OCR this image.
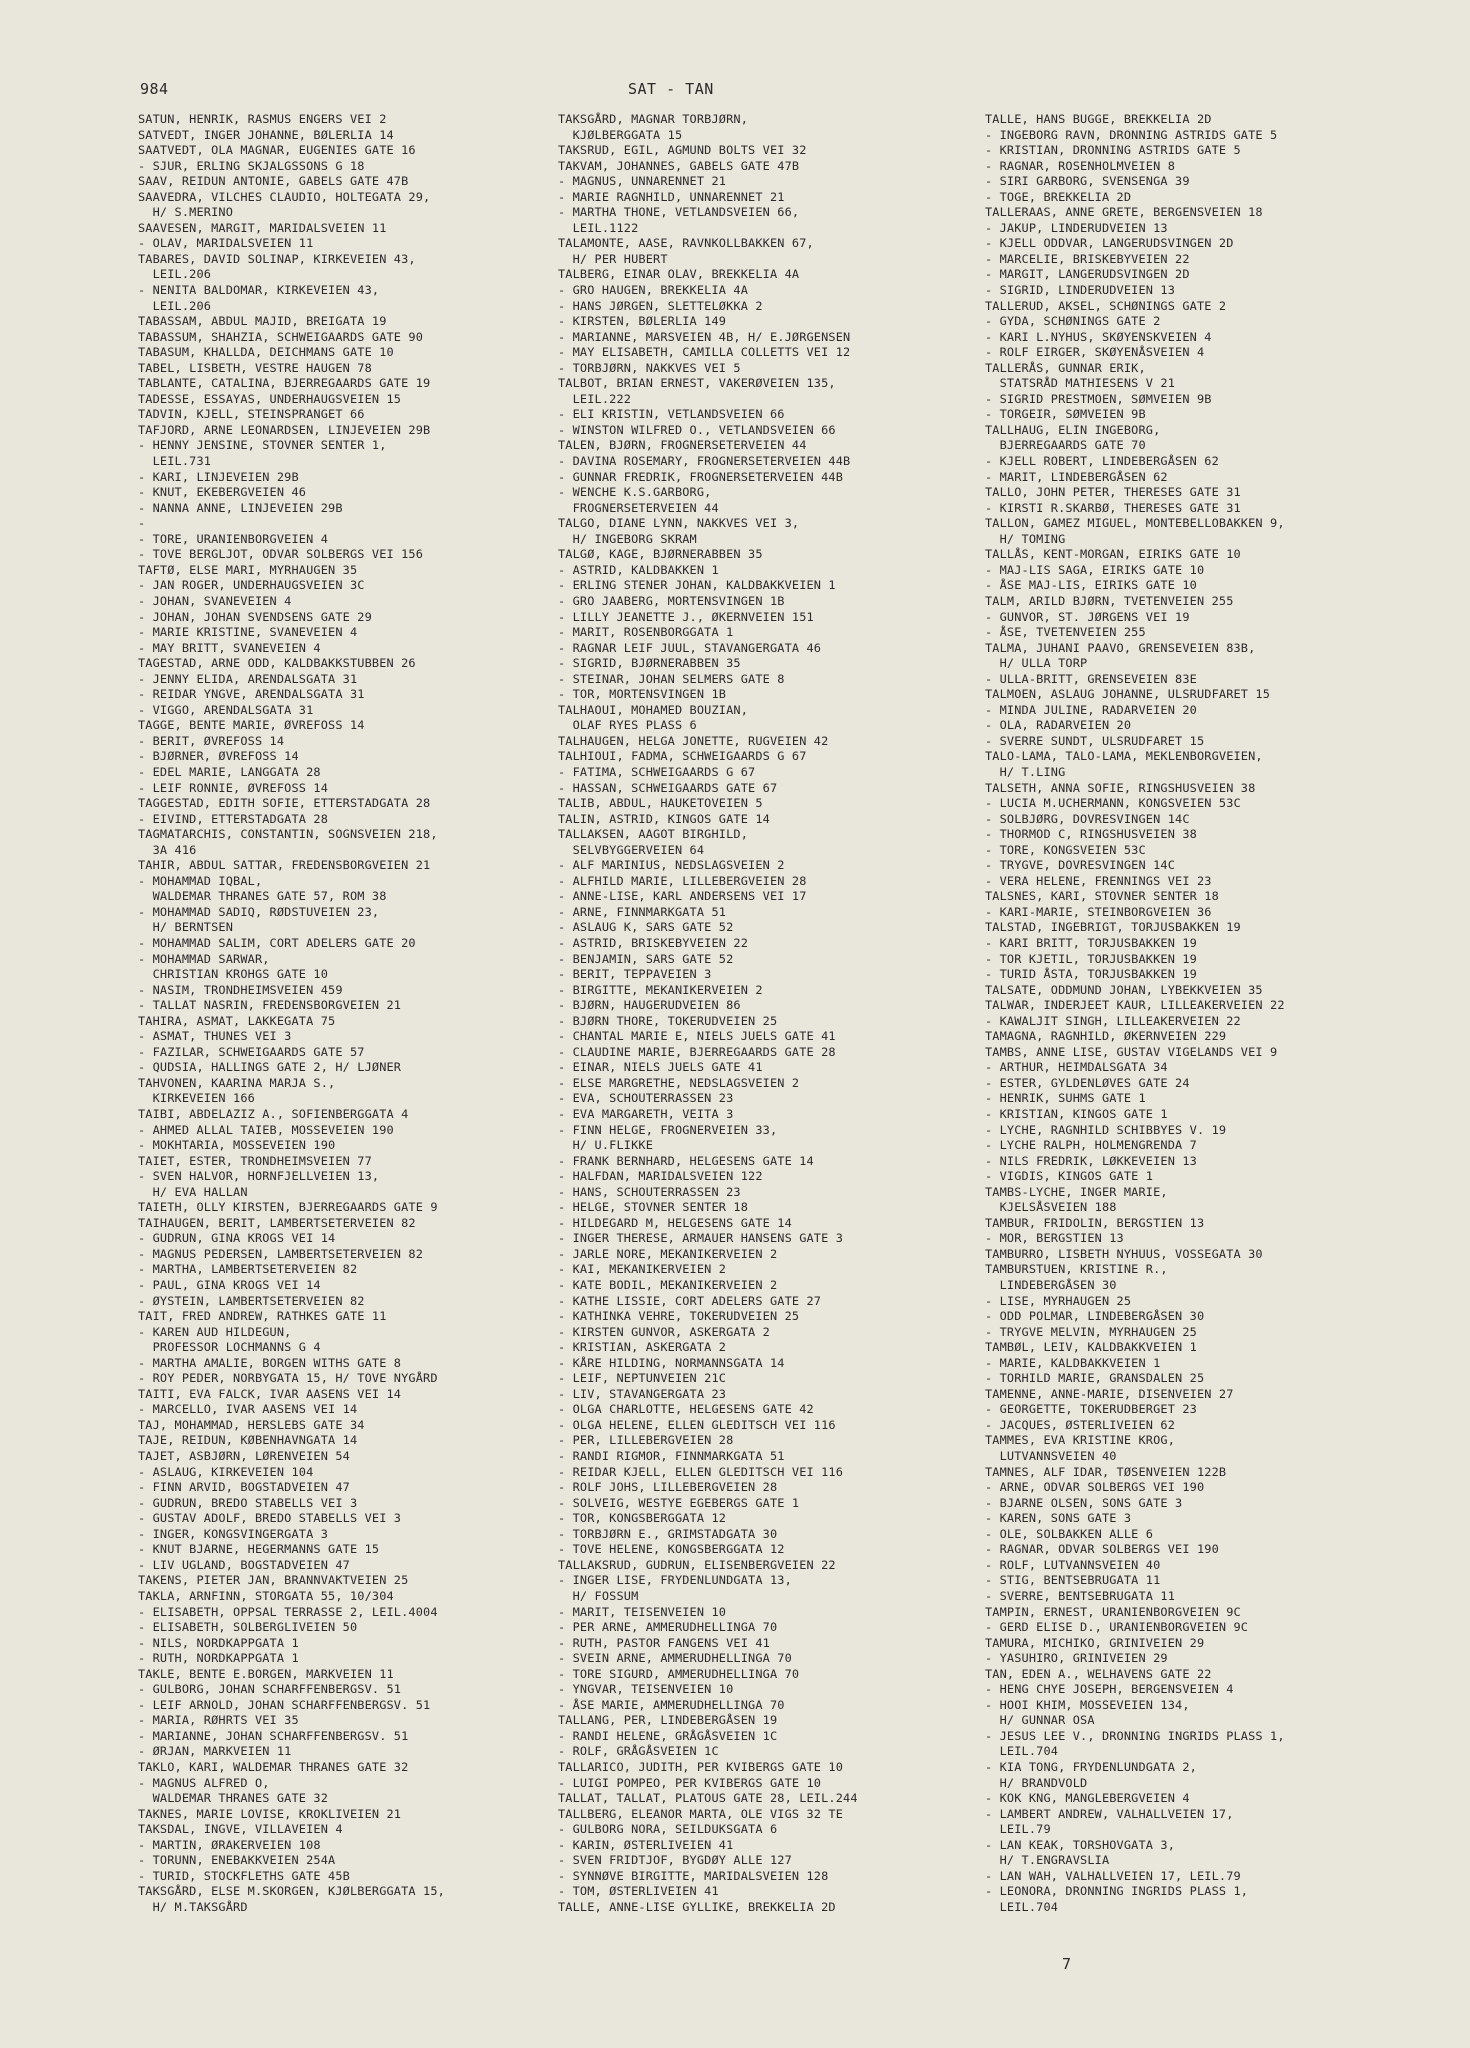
984	SAT - TAN
SATUN, HENRIK, RASMUS ENGERS VEI 2
SATVEDT, INGER JOHANNE, BØLERLIA 14
SAATVEDT, OLA MAGNAR, EUGENIES GATE 16
- SJUR, ERLING SKJALGSSONS G 18
SAAV, REIDUN ANTONIE, GABELS GATE 47B
SAAVEDRA, VILCHES CLAUDIO, HOLTEGATA 29,
H/ S.MERINO
SAAVESEN, MARGIT, MARIDALSVEIEN 11
- OLAV, MARIDALSVEIEN 11
TABARES, DAVID SOLINAP, KIRKEVEIEN 43,
LEIL.206
- NENITA BALDOMAR, KIRKEVEIEN 43,
LEIL.206
TABASSAM, ABDUL MAJID, BREIGATA 19
TABASSUM, SHAHZIA, SCHWEIGAARDS GATE 90
TABASUM, KHALLDA, DEICHMANS GATE 10
TABEL, LISBETH, VESTRE HAUGEN 78
TABLANTE, CATALINA, BJERREGAARDS GATE 19
TADESSE, ESSAYAS, UNDERHAUGSVEIEN 15
TADVIN, KJELL, STEINSPRANGET 66
TAFJORD, ARNE LEONARDSEN, LINJEVEIEN 29B
- HENNY JENSINE, STOVNER SENTER 1,
LEIL.731
- KARI, LINJEVEIEN 29B
- KNUT, EKEBERGVEIEN 46
- NANNA ANNE, LINJEVEIEN 29B
-
- TORE, URANIENBORGVEIEN 4
- TOVE BERGLJOT, ODVAR SOLBERGS VEI 156
TAFTØ, ELSE MARI, MYRHAUGEN 35
- JAN ROGER, UNDERHAUGSVEIEN 3C
- JOHAN, SVANEVEIEN 4
- JOHAN, JOHAN SVENDSENS GATE 29
- MARIE KRISTINE, SVANEVEIEN 4
- MAY BRITT, SVANEVEIEN 4
TAGESTAD, ARNE ODD, KALDBAKKSTUBBEN 26
- JENNY ELIDA, ARENDALSGATA 31
- REIDAR YNGVE, ARENDALSGATA 31
- VIGGO, ARENDALSGATA 31
TAGGE, BENTE MARIE, ØVREFOSS 14
- BERIT, ØVREFOSS 14
- BJØRNER, ØVREFOSS 14
- EDEL MARIE, LANGGATA 28
- LEIF RONNIE, ØVREFOSS 14
TAGGESTAD, EDITH SOFIE, ETTERSTADGATA 28
- EIVIND, ETTERSTADGATA 28
TAGMATARCHIS, CONSTANTIN, SOGNSVEIEN 218,
3A 416
TAHIR, ABDUL SATTAR, FREDENSBORGVEIEN 21
- MOHAMMAD IQBAL,
WALDEMAR THRANES GATE 57, ROM 38
- MOHAMMAD SADIQ, RØDSTUVEIEN 23,
H/ BERNTSEN
- MOHAMMAD SALIM, CORT ADELERS GATE 20
- MOHAMMAD SARWAR,
CHRISTIAN KROHGS GATE 10
- NASIM, TRONDHEIMSVEIEN 459
- TALLAT NASRIN, FREDENSBORGVEIEN 21
TAHIRA, ASMAT, LAKKEGATA 75
- ASMAT, THUNES VEI 3
- FAZILAR, SCHWEIGAARDS GATE 57
- QUDSIA, HALLINGS GATE 2, H/ LJØNER
TAHVONEN, KAARINA MARJA S.,
KIRKEVEIEN 166
TAIBI, ABDELAZIZ A., SOFIENBERGGATA 4
- AHMED ALLAL TAIEB, MOSSEVEIEN 190
- MOKHTARIA, MOSSEVEIEN 190
TAIET, ESTER, TRONDHEIMSVEIEN 77
- SVEN HALVOR, HORNFJELLVEIEN 13,
H/ EVA HALLAN
TAIETH, OLLY KIRSTEN, BJERREGAARDS GATE 9
TAIHAUGEN, BERIT, LAMBERTSETERVEIEN 82
- GUDRUN, GINA KROGS VEI 14
- MAGNUS PEDERSEN, LAMBERTSETERVEIEN 82
- MARTHA, LAMBERTSETERVEIEN 82
- PAUL, GINA KROGS VEI 14
- ØYSTEIN, LAMBERTSETERVEIEN 82
TAIT, FRED ANDREW, RATHKES GATE 11
- KAREN AUD HILDEGUN,
PROFESSOR LOCHMANNS G 4
- MARTHA AMALIE, BORGEN WITHS GATE 8
- ROY PEDER, NORBYGATA 15, H/ TOVE NYGÅRD
TAITI, EVA FALCK, IVAR AASENS VEI 14
- MARCELLO, IVAR AASENS VEI 14
TAJ, MOHAMMAD, HERSLEBS GATE 34
TAJE, REIDUN, KØBENHAVNGATA 14
TAJET, ASBJØRN, LØRENVEIEN 54
- ASLAUG, KIRKEVEIEN 104
- FINN ARVID, BOGSTADVEIEN 47
- GUDRUN, BREDO STABELLS VEI 3
- GUSTAV ADOLF, BREDO STABELLS VEI 3
- INGER, KONGSVINGERGATA 3
- KNUT BJARNE, HEGERMANNS GATE 15
- LIV UGLAND, BOGSTADVEIEN 47
TAKENS, PIETER JAN, BRANNVAKTVEIEN 25
TAKLA, ARNFINN, STORGATA 55, 10/304
- ELISABETH, OPPSAL TERRASSE 2, LEIL.4004
- ELISABETH, SOLBERGLIVEIEN 50
- NILS, NORDKAPPGATA 1
- RUTH, NORDKAPPGATA 1
TAKLE, BENTE E.BORGEN, MARKVEIEN 11
- GULBORG, JOHAN SCHARFFENBERGSV. 51
- LEIF ARNOLD, JOHAN SCHARFFENBERGSV. 51
- MARIA, RØHRTS VEI 35
- MARIANNE, JOHAN SCHARFFENBERGSV. 51
- ØRJAN, MARKVEIEN 11
TAKLO, KARI, WALDEMAR THRANES GATE 32
- MAGNUS ALFRED O,
WALDEMAR THRANES GATE 32
TAKNES, MARIE LOVISE, KROKLIVEIEN 21
TAKSDAL, INGVE, VILLAVEIEN 4
- MARTIN, ØRAKERVEIEN 108
- TORUNN, ENEBAKKVEIEN 254A
- TURID, STOCKFLETHS GATE 45B
TAKSGÅRD, ELSE M.SKORGEN, KJØLBERGGATA 15,
H/ M.TAKSGÅRD
TAKSGÅRD, MAGNAR TORBJØRN,
KJØLBERGGATA 15
TAKSRUD, EGIL, AGMUND BOLTS VEI 32
TAKVAM, JOHANNES, GABELS GATE 47B
- MAGNUS, UNNARENNET 21
- MARIE RAGNHILD, UNNARENNET 21
- MARTHA THONE, VETLANDSVEIEN 66,
LEIL.1122
TALAMONTE, AASE, RAVNKOLLBAKKEN 67,
H/ PER HUBERT
TALBERG, EINAR OLAV, BREKKELIA 4A
- GRO HAUGEN, BREKKELIA 4A
- HANS JØRGEN, SLETTELØKKA 2
- KIRSTEN, BØLERLIA 149
- MARIANNE, MARSVEIEN 4B, H/ E.JØRGENSEN
- MAY ELISABETH, CAMILLA COLLETTS VEI 12
- TORBJØRN, NAKKVES VEI 5
TALBOT, BRIAN ERNEST, VAKERØVEIEN 135,
LEIL.222
- ELI KRISTIN, VETLANDSVEIEN 66
- WINSTON WILFRED O., VETLANDSVEIEN 66
TALEN, BJØRN, FROGNERSETERVEIEN 44
- DAVINA ROSEMARY, FROGNERSETERVEIEN 44B
- GUNNAR FREDRIK, FROGNERSETERVEIEN 44B
- WENCHE K.S.GARBORG,
FROGNERSETERVEIEN 44
TALGO, DIANE LYNN, NAKKVES VEI 3,
H/ INGEBORG SKRAM
TALGØ, KAGE, BJØRNERABBEN 35
- ASTRID, KALDBAKKEN 1
- ERLING STENER JOHAN, KALDBAKKVEIEN 1
- GRO JAABERG, MORTENSVINGEN 1B
- LILLY JEANETTE J., ØKERNVEIEN 151
- MARIT, ROSENBORGGATA 1
- RAGNAR LEIF JUUL, STAVANGERGATA 46
- SIGRID, BJØRNERABBEN 35
- STEINAR, JOHAN SELMERS GATE 8
- TOR, MORTENSVINGEN 1B
TALHAOUI, MOHAMED BOUZIAN,
OLAF RYES PLASS 6
TALHAUGEN, HELGA JONETTE, RUGVEIEN 42
TALHIOUI, FADMA, SCHWEIGAARDS G 67
- FATIMA, SCHWEIGAARDS G 67
- HASSAN, SCHWEIGAARDS GATE 67
TALIB, ABDUL, HAUKETOVEIEN 5
TALIN, ASTRID, KINGOS GATE 14
TALLAKSEN, AAGOT BIRGHILD,
SELVBYGGERVEIEN 64
- ALF MARINIUS, NEDSLAGSVEIEN 2
- ALFHILD MARIE, LILLEBERGVEIEN 28
- ANNE-LISE, KARL ANDERSENS VEI 17
- ARNE, FINNMARKGATA 51
- ASLAUG K, SARS GATE 52
- ASTRID, BRISKEBYVEIEN 22
- BENJAMIN, SARS GATE 52
- BERIT, TEPPAVEIEN 3
- BIRGITTE, MEKANIKERVEIEN 2
- BJØRN, HAUGERUDVEIEN 86
- BJØRN THORE, TOKERUDVEIEN 25
- CHANTAL MARIE E, NIELS JUELS GATE 41
- CLAUDINE MARIE, BJERREGAARDS GATE 28
- EINAR, NIELS JUELS GATE 41
- ELSE MARGRETHE, NEDSLAGSVEIEN 2
- EVA, SCHOUTERRASSEN 23
- EVA MARGARETH, VEITA 3
- FINN HELGE, FROGNERVEIEN 33,
H/ U.FLIKKE
- FRANK BERNHARD, HELGESENS GATE 14
- HALFDAN, MARIDALSVEIEN 122
- HANS, SCHOUTERRASSEN 23
- HELGE, STOVNER SENTER 18
- HILDEGARD M, HELGESENS GATE 14
- INGER THERESE, ARMAUER HANSENS GATE 3
- JARLE NORE, MEKANIKERVEIEN 2
- KAI, MEKANIKERVEIEN 2
- KATE BODIL, MEKANIKERVEIEN 2
- KATHE LISSIE, CORT ADELERS GATE 27
- KATHINKA VEHRE, TOKERUDVEIEN 25
- KIRSTEN GUNVOR, ASKERGATA 2
- KRISTIAN, ASKERGATA 2
- KÅRE HILDING, NORMANNSGATA 14
- LEIF, NEPTUNVEIEN 21C
- LIV, STAVANGERGATA 23
- OLGA CHARLOTTE, HELGESENS GATE 42
- OLGA HELENE, ELLEN GLEDITSCH VEI 116
- PER, LILLEBERGVEIEN 28
- RANDI RIGMOR, FINNMARKGATA 51
- REIDAR KJELL, ELLEN GLEDITSCH VEI 116
- ROLF JOHS, LILLEBERGVEIEN 28
- SOLVEIG, WESTYE EGEBERGS GATE 1
- TOR, KONGSBERGGATA 12
- TORBJØRN E., GRIMSTADGATA 30
- TOVE HELENE, KONGSBERGGATA 12
TALLAKSRUD, GUDRUN, ELISENBERGVEIEN 22
- INGER LISE, FRYDENLUNDGATA 13,
H/ FOSSUM
- MARIT, TEISENVEIEN 10
- PER ARNE, AMMERUDHELLINGA 70
- RUTH, PASTOR FANGENS VEI 41
- SVEIN ARNE, AMMERUDHELLINGA 70
- TORE SIGURD, AMMERUDHELLINGA 70
- YNGVAR, TEISENVEIEN 10
- ÅSE MARIE, AMMERUDHELLINGA 70
TALLANG, PER, LINDEBERGÅSEN 19
- RANDI HELENE, GRÅGÅSVEIEN 1C
- ROLF, GRÅGÅSVEIEN 1C
TALLARICO, JUDITH, PER KVIBERGS GATE 10
- LUIGI POMPEO, PER KVIBERGS GATE 10
TALLAT, TALLAT, PLATOUS GATE 28, LEIL.244
TALLBERG, ELEANOR MARTA, OLE VIGS 32 TE
- GULBORG NORA, SEILDUKSGATA 6
- KARIN, ØSTERLIVEIEN 41
- SVEN FRIDTJOF, BYGDØY ALLE 127
- SYNNØVE BIRGITTE, MARIDALSVEIEN 128
- TOM, ØSTERLIVEIEN 41
TALLE, ANNE-LISE GYLLIKE, BREKKELIA 2D
TALLE, HANS BUGGE, BREKKELIA 2D
- INGEBORG RAVN, DRONNING ASTRIDS GATE 5
- KRISTIAN, DRONNING ASTRIDS GATE 5
- RAGNAR, ROSENHOLMVEIEN 8
- SIRI GARBORG, SVENSENGA 39
- TOGE, BREKKELIA 2D
TALLERAAS, ANNE GRETE, BERGENSVEIEN 18
- JAKUP, LINDERUDVEIEN 13
- KJELL ODDVAR, LANGERUDSVINGEN 2D
- MARCELIE, BRISKEBYVEIEN 22
- MARGIT, LANGERUDSVINGEN 2D
- SIGRID, LINDERUDVEIEN 13
TALLERUD, AKSEL, SCHØNINGS GATE 2
- GYDA, SCHØNINGS GATE 2
- KARI L.NYHUS, SKØYENSKVEIEN 4
- ROLF EIRGER, SKØYENÅSVEIEN 4
TALLERÅS, GUNNAR ERIK,
STATSRÅD MATHIESENS V 21
- SIGRID PRESTMOEN, SØMVEIEN 9B
- TORGEIR, SØMVEIEN 9B
TALLHAUG, ELIN INGEBORG,
BJERREGAARDS GATE 70
- KJELL ROBERT, LINDEBERGÅSEN 62
- MARIT, LINDEBERGÅSEN 62
TALLO, JOHN PETER, THERESES GATE 31
- KIRSTI R.SKARBØ, THERESES GATE 31
TALLON, GAMEZ MIGUEL, MONTEBELLOBAKKEN 9,
H/ TOMING
TALLÅS, KENT-MORGAN, EIRIKS GATE 10
- MAJ-LIS SAGA, EIRIKS GATE 10
- ÅSE MAJ-LIS, EIRIKS GATE 10
TALM, ARILD BJØRN, TVETENVEIEN 255
- GUNVOR, ST. JØRGENS VEI 19
- ÅSE, TVETENVEIEN 255
TALMA, JUHANI PAAVO, GRENSEVEIEN 83B,
H/ ULLA TORP
- ULLA-BRITT, GRENSEVEIEN 83E
TALMOEN, ASLAUG JOHANNE, ULSRUDFARET 15
- MINDA JULINE, RADARVEIEN 20
- OLA, RADARVEIEN 20
- SVERRE SUNDT, ULSRUDFARET 15
TALO-LAMA, TALO-LAMA, MEKLENBORGVEIEN,
H/ T.LING
TALSETH, ANNA SOFIE, RINGSHUSVEIEN 38
- LUCIA M.UCHERMANN, KONGSVEIEN 53C
- SOLBJØRG, DOVRESVINGEN 14C
- THORMOD C, RINGSHUSVEIEN 38
- TORE, KONGSVEIEN 53C
- TRYGVE, DOVRESVINGEN 14C
- VERA HELENE, FRENNINGS VEI 23
TALSNES, KARI, STOVNER SENTER 18
- KARI-MARIE, STEINBORGVEIEN 36
TALSTAD, INGEBRIGT, TORJUSBAKKEN 19
- KARI BRITT, TORJUSBAKKEN 19
- TOR KJETIL, TORJUSBAKKEN 19
- TURID ÅSTA, TORJUSBAKKEN 19
TALSATE, ODDMUND JOHAN, LYBEKKVEIEN 35
TALWAR, INDERJEET KAUR, LILLEAKERVEIEN 22
- KAWALJIT SINGH, LILLEAKERVEIEN 22
TAMAGNA, RAGNHILD, ØKERNVEIEN 229
TAMBS, ANNE LISE, GUSTAV VIGELANDS VEI 9
- ARTHUR, HEIMDALSGATA 34
- ESTER, GYLDENLØVES GATE 24
- HENRIK, SUHMS GATE 1
- KRISTIAN, KINGOS GATE 1
- LYCHE, RAGNHILD SCHIBBYES V. 19
- LYCHE RALPH, HOLMENGRENDA 7
- NILS FREDRIK, LØKKEVEIEN 13
- VIGDIS, KINGOS GATE 1
TAMBS-LYCHE, INGER MARIE,
KJELSÅSVEIEN 188
TAMBUR, FRIDOLIN, BERGSTIEN 13
- MOR, BERGSTIEN 13
TAMBURRO, LISBETH NYHUUS, VOSSEGATA 30
TAMBURSTUEN, KRISTINE R.,
LINDEBERGÅSEN 30
- LISE, MYRHAUGEN 25
- ODD POLMAR, LINDEBERGÅSEN 30
- TRYGVE MELVIN, MYRHAUGEN 25
TAMBØL, LEIV, KALDBAKKVEIEN 1
- MARIE, KALDBAKKVEIEN 1
- TORHILD MARIE, GRANSDALEN 25
TAMENNE, ANNE-MARIE, DISENVEIEN 27
- GEORGETTE, TOKERUDBERGET 23
- JACQUES, ØSTERLIVEIEN 62
TAMMES, EVA KRISTINE KROG,
LUTVANNSVEIEN 40
TAMNES, ALF IDAR, TØSENVEIEN 122B
- ARNE, ODVAR SOLBERGS VEI 190
- BJARNE OLSEN, SONS GATE 3
- KAREN, SONS GATE 3
- OLE, SOLBAKKEN ALLE 6
- RAGNAR, ODVAR SOLBERGS VEI 190
- ROLF, LUTVANNSVEIEN 40
- STIG, BENTSEBRUGATA 11
- SVERRE, BENTSEBRUGATA 11
TAMPIN, ERNEST, URANIENBORGVEIEN 9C
- GERD ELISE D., URANIENBORGVEIEN 9C
TAMURA, MICHIKO, GRINIVEIEN 29
- YASUHIRO, GRINIVEIEN 29
TAN, EDEN A., WELHAVENS GATE 22
- HENG CHYE JOSEPH, BERGENSVEIEN 4
- HOOI KHIM, MOSSEVEIEN 134,
H/ GUNNAR OSA
- JESUS LEE V., DRONNING INGRIDS PLASS 1,
LEIL.704
- KIA TONG, FRYDENLUNDGATA 2,
H/ BRANDVOLD
- KOK KNG, MANGLEBERGVEIEN 4
- LAMBERT ANDREW, VALHALLVEIEN 17,
LEIL.79
- LAN KEAK, TORSHOVGATA 3,
H/ T.ENGRAVSLIA
- LAN WAH, VALHALLVEIEN 17, LEIL.79
- LEONORA, DRONNING INGRIDS PLASS 1,
LEIL.704
7
